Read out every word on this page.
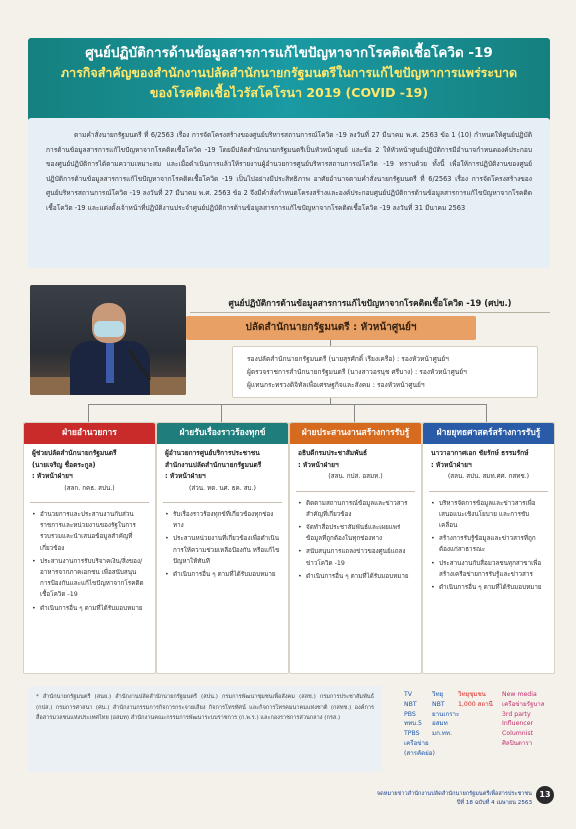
ศูนย์ปฏิบัติการด้านข้อมูลสารการแก้ไขปัญหาจากโรคติดเชื้อโควิด -19
ภารกิจสำคัญของสำนักงานปลัดสำนักนายกรัฐมนตรีในการแก้ไขปัญหาการแพร่ระบาด
ของโรคติดเชื้อไวรัสโคโรนา 2019 (COVID -19)

ตามคำสั่งนายกรัฐมนตรี ที่ 6/2563 เรื่อง การจัดโครงสร้างของศูนย์บริหารสถานการณ์โควิด -19 ลงวันที่ 27 มีนาคม พ.ศ. 2563 ข้อ 1 (10) กำหนดให้ศูนย์ปฏิบัติการด้านข้อมูลสารการแก้ไขปัญหาจากโรคติดเชื้อโควิด -19 โดยมีปลัดสำนักนายกรัฐมนตรีเป็นหัวหน้าศูนย์ และข้อ 2 ให้หัวหน้าศูนย์ปฏิบัติการมีอำนาจกำหนดองค์ประกอบของศูนย์ปฏิบัติการได้ตามความเหมาะสม และเมื่อดำเนินการแล้วให้รายงานผู้อำนวยการศูนย์บริหารสถานการณ์โควิด -19 ทราบด้วย ทั้งนี้ เพื่อให้การปฏิบัติงานของศูนย์ปฏิบัติการด้านข้อมูลสารการแก้ไขปัญหาจากโรคติดเชื้อโควิด -19 เป็นไปอย่างมีประสิทธิภาพ อาศัยอำนาจตามคำสั่งนายกรัฐมนตรี ที่ 6/2563 เรื่อง การจัดโครงสร้างของศูนย์บริหารสถานการณ์โควิด -19 ลงวันที่ 27 มีนาคม พ.ศ. 2563 ข้อ 2 จึงมีคำสั่งกำหนดโครงสร้างและองค์ประกอบศูนย์ปฏิบัติการด้านข้อมูลสารการแก้ไขปัญหาจากโรคติดเชื้อโควิด -19 และแต่งตั้งเจ้าหน้าที่ปฏิบัติงานประจำศูนย์ปฏิบัติการด้านข้อมูลสารการแก้ไขปัญหาจากโรคติดเชื้อโควิด -19 ลงวันที่ 31 มีนาคม 2563

ศูนย์ปฏิบัติการด้านข้อมูลสารการแก้ไขปัญหาจากโรคติดเชื้อโควิด -19 (ศปข.)
ปลัดสำนักนายกรัฐมนตรี : หัวหน้าศูนย์ฯ
รองปลัดสำนักนายกรัฐมนตรี (นายสุรศักดิ์ เรียงเครือ) : รองหัวหน้าศูนย์ฯ
ผู้ตรวจราชการสำนักนายกรัฐมนตรี (นางสาวอรนุช ศรีบาง) : รองหัวหน้าศูนย์ฯ
ผู้แทนกระทรวงดิจิทัลเพื่อเศรษฐกิจและสังคม : รองหัวหน้าศูนย์ฯ
ฝ่ายอำนวยการ
ผู้ช่วยปลัดสำนักนายกรัฐมนตรี
(นายเจริญ ชื่อตระกูล)
: หัวหน้าฝ่ายฯ
(สลก. กคธ. สปน.)
• อำนวยการและประสานงานกับส่วนราชการและหน่วยงานของรัฐในการรวบรวมและนำเสนอข้อมูลสำคัญที่เกี่ยวข้อง
• ประสานงานการรับบริจาคเงิน/สิ่งของ/อาหารจากภาคเอกชน เพื่อสนับสนุนการป้องกันและแก้ไขปัญหาจากโรคติดเชื้อโควิด -19
• ดำเนินการอื่น ๆ ตามที่ได้รับมอบหมาย
ฝ่ายรับเรื่องราวร้องทุกข์
ผู้อำนวยการศูนย์บริการประชาชน
สำนักงานปลัดสำนักนายกรัฐมนตรี
: หัวหน้าฝ่ายฯ
(ส่วน. ทต. นศ. ธค. สบ.)
• รับเรื่องราวร้องทุกข์ที่เกี่ยวข้องทุกช่องทาง
• ประสานหน่วยงานที่เกี่ยวข้องเพื่อดำเนินการให้ความช่วยเหลือป้องกัน หรือแก้ไขปัญหาให้ทันที
• ดำเนินการอื่น ๆ ตามที่ได้รับมอบหมาย
ฝ่ายประสานงานสร้างการรับรู้
อธิบดีกรมประชาสัมพันธ์
: หัวหน้าฝ่ายฯ
(สลน. กปส. อสมท.)
• ติดตามสถานการณ์ข้อมูลและข่าวสารสำคัญที่เกี่ยวข้อง
• จัดทำสื่อประชาสัมพันธ์และเผยแพร่ข้อมูลที่ถูกต้องในทุกช่องทาง
• สนับสนุนการแถลงข่าวของศูนย์แถลงข่าวโควิด -19
• ดำเนินการอื่น ๆ ตามที่ได้รับมอบหมาย
ฝ่ายยุทธศาสตร์สร้างการรับรู้
นาวาอากาศเอก ชัยรักษ์ ธรรมรักษ์
: หัวหน้าฝ่ายฯ
(สลน. สปน. สมท.ศศ. กสทช.)
• บริหารจัดการข้อมูลและข่าวสารเพื่อเสนอแนะเชิงนโยบาย และการขับเคลื่อน
• สร้างการรับรู้ข้อมูลและข่าวสารที่ถูกต้องแก่สาธารณะ
• ประสานงานกับสื่อมวลชนทุกสาขาเพื่อสร้างเครือข่ายการรับรู้และข่าวสาร
• ดำเนินการอื่น ๆ ตามที่ได้รับมอบหมาย

* สำนักนายกรัฐมนตรี (สนย.) สำนักงานปลัดสำนักนายกรัฐมนตรี (สปน.) กรมการพัฒนาชุมชนเพื่อสังคม (สสช.) กรมการประชาสัมพันธ์ (กปส.) กรมการศาสนา (ศน.) สำนักงานกรรมการกิจการกระจายเสียง กิจการโทรทัศน์ และกิจการโทรคมนาคมแห่งชาติ (กสทช.) องค์การสื่อสารมวลชนแห่งประเทศไทย (อสมท) สำนักงานคณะกรรมการพัฒนาระบบราชการ (ก.พ.ร.) และกองราชการส่วนกลาง (กรส.)

TV
NBT
PBS
ททบ.5
TPBS
เครือข่าย
(สารคัดย่อ)
วิทยุ
NBT
ยานเกราะ
อสมท
มก.ทท.
วิทยุชุมชน
1,000 สถานี
New media
เครือข่ายรัฐบาล
3rd party
Influencer
Columnist
ศิลปินดารา
จดหมายข่าวสำนักงานปลัดสำนักนายกรัฐมนตรีเพื่อสารประชาชน
ปีที่ 18 ฉบับที่ 4 เมษายน 2563
13
